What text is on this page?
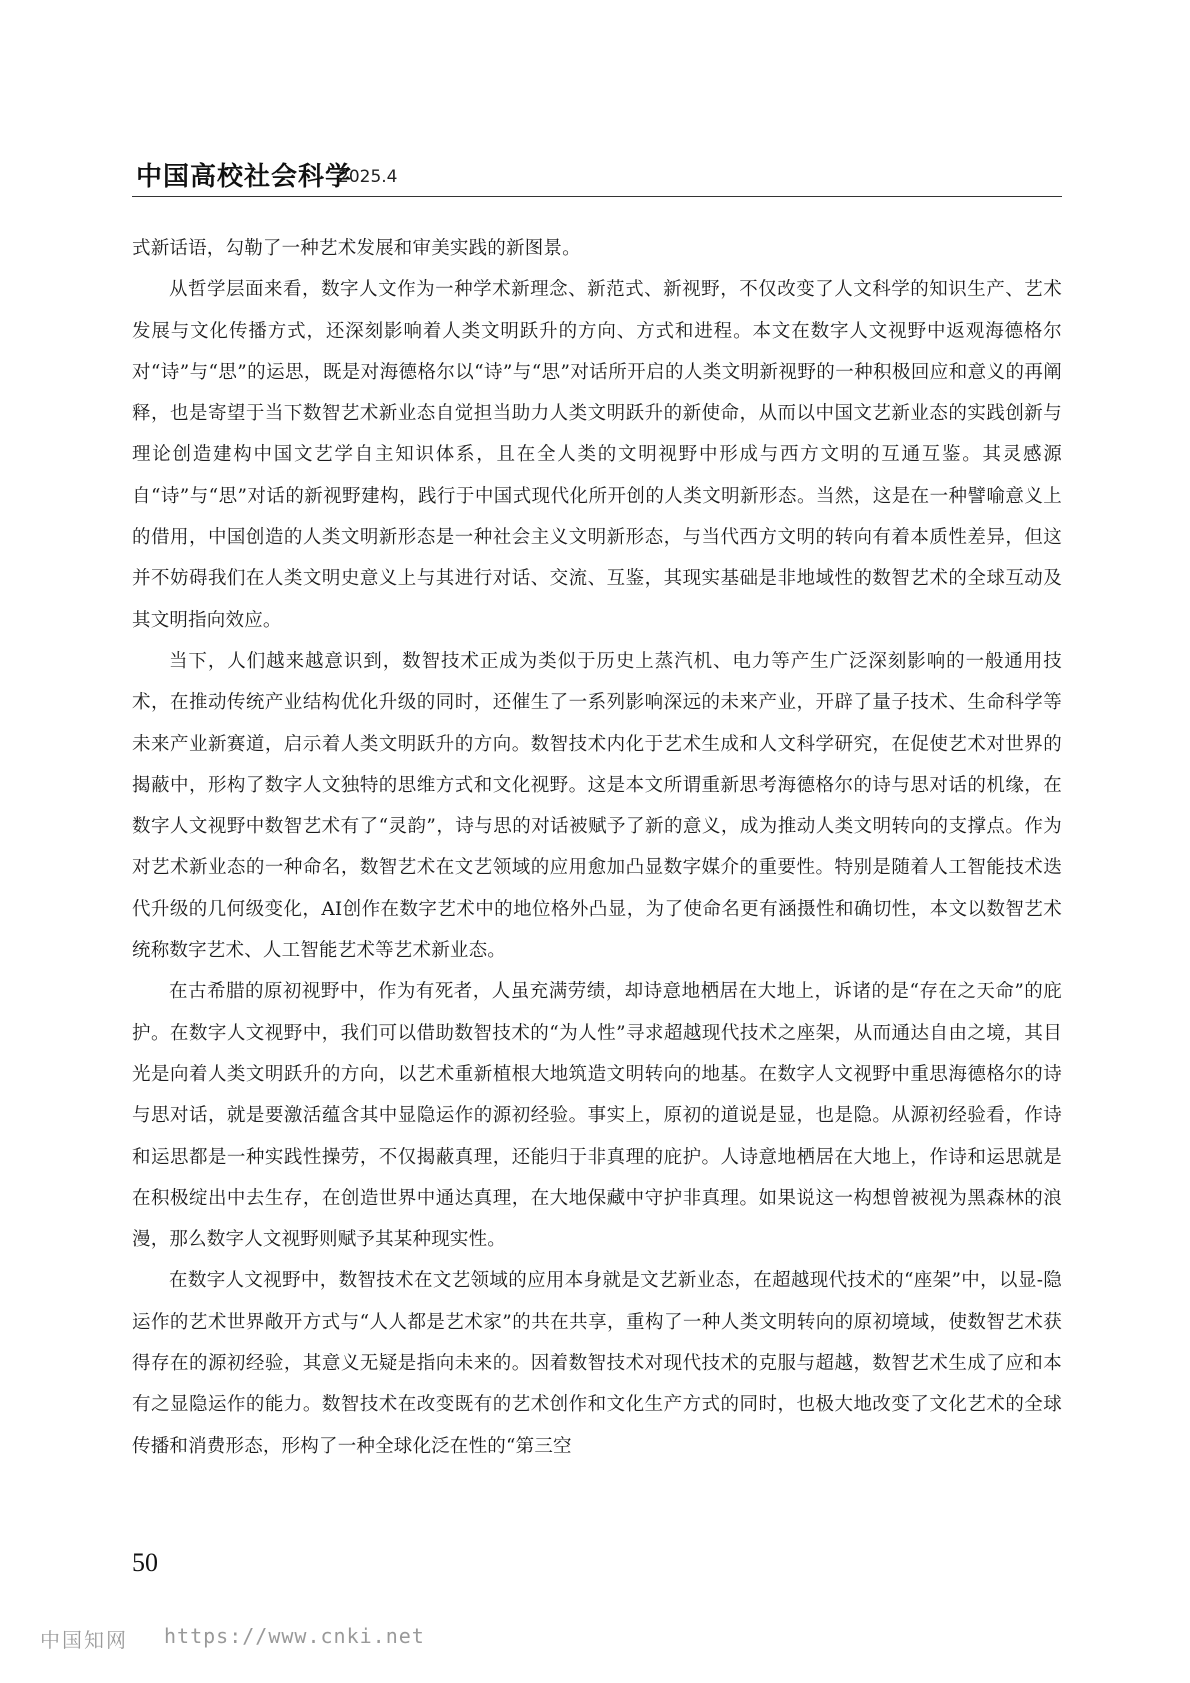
中国高校社会科学
2025.4

式新话语，勾勒了一种艺术发展和审美实践的新图景。

从哲学层面来看，数字人文作为一种学术新理念、新范式、新视野，不仅改变了人文科学的知识生产、艺术发展与文化传播方式，还深刻影响着人类文明跃升的方向、方式和进程。本文在数字人文视野中返观海德格尔对“诗”与“思”的运思，既是对海德格尔以“诗”与“思”对话所开启的人类文明新视野的一种积极回应和意义的再阐释，也是寄望于当下数智艺术新业态自觉担当助力人类文明跃升的新使命，从而以中国文艺新业态的实践创新与理论创造建构中国文艺学自主知识体系，且在全人类的文明视野中形成与西方文明的互通互鉴。其灵感源自“诗”与“思”对话的新视野建构，践行于中国式现代化所开创的人类文明新形态。当然，这是在一种譬喻意义上的借用，中国创造的人类文明新形态是一种社会主义文明新形态，与当代西方文明的转向有着本质性差异，但这并不妨碍我们在人类文明史意义上与其进行对话、交流、互鉴，其现实基础是非地域性的数智艺术的全球互动及其文明指向效应。

当下，人们越来越意识到，数智技术正成为类似于历史上蒸汽机、电力等产生广泛深刻影响的一般通用技术，在推动传统产业结构优化升级的同时，还催生了一系列影响深远的未来产业，开辟了量子技术、生命科学等未来产业新赛道，启示着人类文明跃升的方向。数智技术内化于艺术生成和人文科学研究，在促使艺术对世界的揭蔽中，形构了数字人文独特的思维方式和文化视野。这是本文所谓重新思考海德格尔的诗与思对话的机缘，在数字人文视野中数智艺术有了“灵韵”，诗与思的对话被赋予了新的意义，成为推动人类文明转向的支撑点。作为对艺术新业态的一种命名，数智艺术在文艺领域的应用愈加凸显数字媒介的重要性。特别是随着人工智能技术迭代升级的几何级变化，AI创作在数字艺术中的地位格外凸显，为了使命名更有涵摄性和确切性，本文以数智艺术统称数字艺术、人工智能艺术等艺术新业态。

在古希腊的原初视野中，作为有死者，人虽充满劳绩，却诗意地栖居在大地上，诉诸的是“存在之天命”的庇护。在数字人文视野中，我们可以借助数智技术的“为人性”寻求超越现代技术之座架，从而通达自由之境，其目光是向着人类文明跃升的方向，以艺术重新植根大地筑造文明转向的地基。在数字人文视野中重思海德格尔的诗与思对话，就是要激活蕴含其中显隐运作的源初经验。事实上，原初的道说是显，也是隐。从源初经验看，作诗和运思都是一种实践性操劳，不仅揭蔽真理，还能归于非真理的庇护。人诗意地栖居在大地上，作诗和运思就是在积极绽出中去生存，在创造世界中通达真理，在大地保藏中守护非真理。如果说这一构想曾被视为黑森林的浪漫，那么数字人文视野则赋予其某种现实性。

在数字人文视野中，数智技术在文艺领域的应用本身就是文艺新业态，在超越现代技术的“座架”中，以显-隐运作的艺术世界敞开方式与“人人都是艺术家”的共在共享，重构了一种人类文明转向的原初境域，使数智艺术获得存在的源初经验，其意义无疑是指向未来的。因着数智技术对现代技术的克服与超越，数智艺术生成了应和本有之显隐运作的能力。数智技术在改变既有的艺术创作和文化生产方式的同时，也极大地改变了文化艺术的全球传播和消费形态，形构了一种全球化泛在性的“第三空

50
中国知网 https://www.cnki.net
